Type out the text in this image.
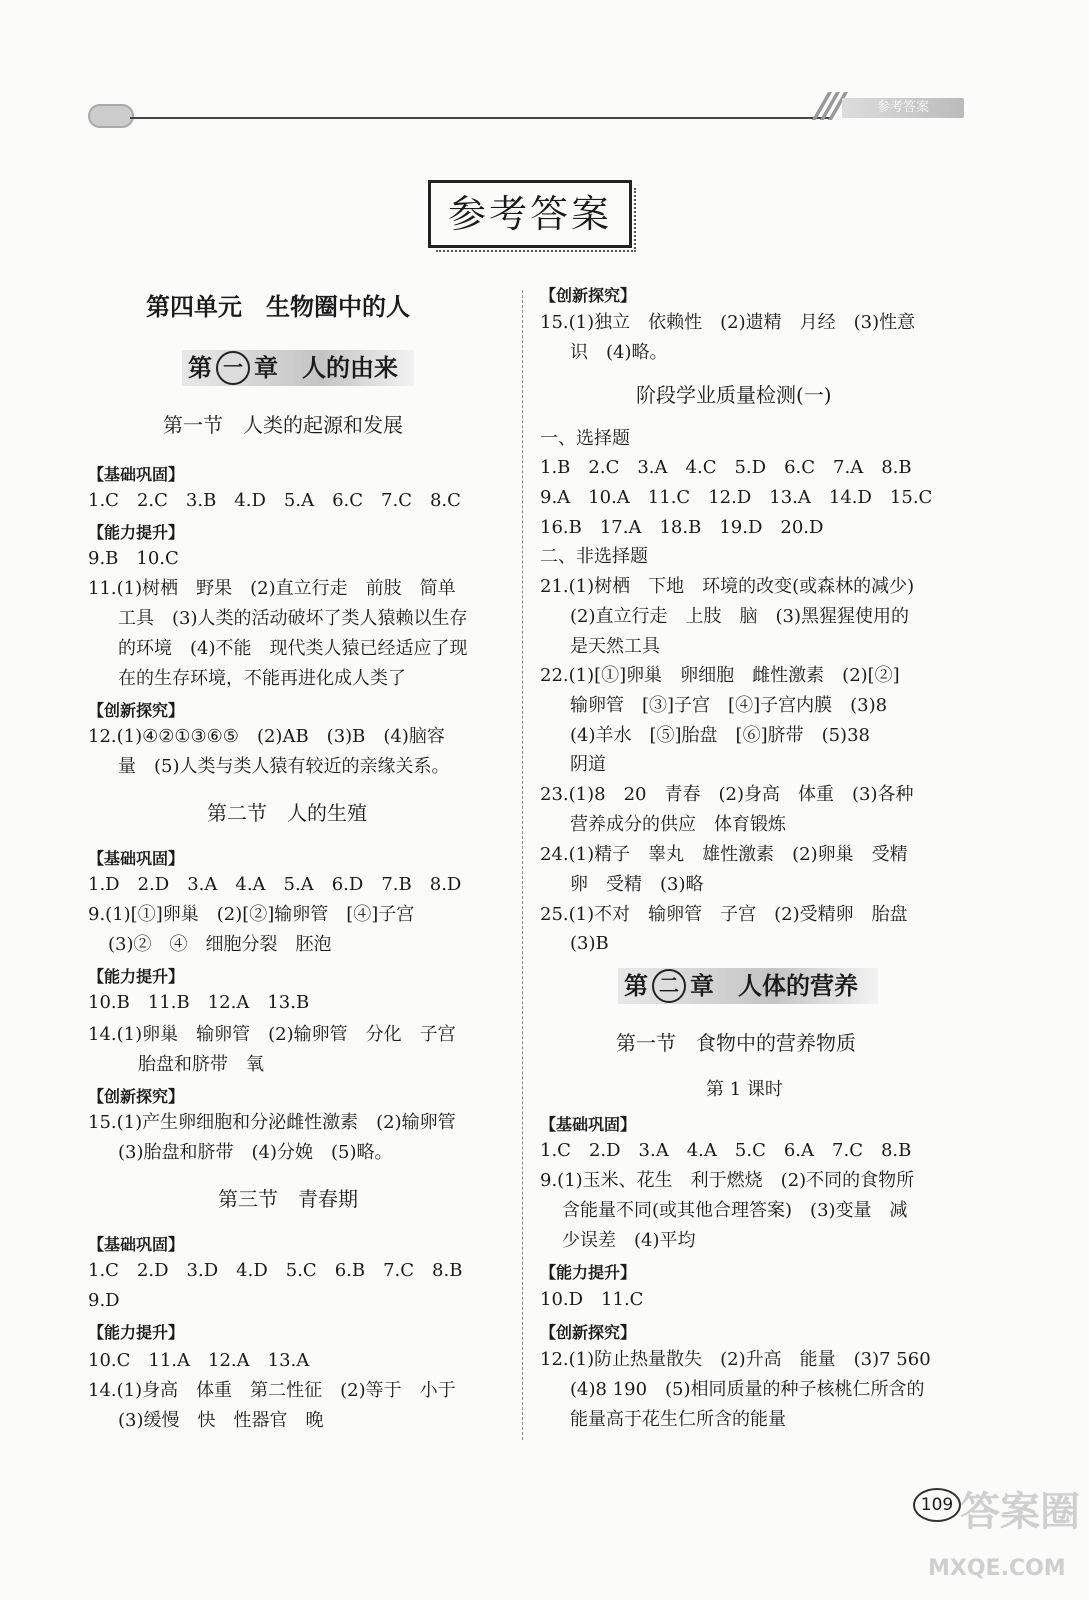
参考答案
参考答案
第四单元　生物圈中的人
第 一 章　人的由来
第一节　人类的起源和发展
【基础巩固】
1.C　2.C　3.B　4.D　5.A　6.C　7.C　8.C
【能力提升】
9.B　10.C
11.(1)树栖　野果　(2)直立行走　前肢　简单
工具　(3)人类的活动破坏了类人猿赖以生存
的环境　(4)不能　现代类人猿已经适应了现
在的生存环境，不能再进化成人类了
【创新探究】
12.(1)④②①③⑥⑤　(2)AB　(3)B　(4)脑容
量　(5)人类与类人猿有较近的亲缘关系。
第二节　人的生殖
【基础巩固】
1.D　2.D　3.A　4.A　5.A　6.D　7.B　8.D
9.(1)[①]卵巢　(2)[②]输卵管　[④]子宫
(3)②　④　细胞分裂　胚泡
【能力提升】
10.B　11.B　12.A　13.B
14.(1)卵巢　输卵管　(2)输卵管　分化　子宫
胎盘和脐带　氧
【创新探究】
15.(1)产生卵细胞和分泌雌性激素　(2)输卵管
(3)胎盘和脐带　(4)分娩　(5)略。
第三节　青春期
【基础巩固】
1.C　2.D　3.D　4.D　5.C　6.B　7.C　8.B
9.D
【能力提升】
10.C　11.A　12.A　13.A
14.(1)身高　体重　第二性征　(2)等于　小于
(3)缓慢　快　性器官　晚
【创新探究】
15.(1)独立　依赖性　(2)遗精　月经　(3)性意
识　(4)略。
阶段学业质量检测(一)
一、选择题
1.B　2.C　3.A　4.C　5.D　6.C　7.A　8.B
9.A　10.A　11.C　12.D　13.A　14.D　15.C
16.B　17.A　18.B　19.D　20.D
二、非选择题
21.(1)树栖　下地　环境的改变(或森林的减少)
(2)直立行走　上肢　脑　(3)黑猩猩使用的
是天然工具
22.(1)[①]卵巢　卵细胞　雌性激素　(2)[②]
输卵管　[③]子宫　[④]子宫内膜　(3)8
(4)羊水　[⑤]胎盘　[⑥]脐带　(5)38
阴道
23.(1)8　20　青春　(2)身高　体重　(3)各种
营养成分的供应　体育锻炼
24.(1)精子　睾丸　雄性激素　(2)卵巢　受精
卵　受精　(3)略
25.(1)不对　输卵管　子宫　(2)受精卵　胎盘
(3)B
第 二 章　人体的营养
第一节　食物中的营养物质
第 1 课时
【基础巩固】
1.C　2.D　3.A　4.A　5.C　6.A　7.C　8.B
9.(1)玉米、花生　利于燃烧　(2)不同的食物所
含能量不同(或其他合理答案)　(3)变量　减
少误差　(4)平均
【能力提升】
10.D　11.C
【创新探究】
12.(1)防止热量散失　(2)升高　能量　(3)7 560
(4)8 190　(5)相同质量的种子核桃仁所含的
能量高于花生仁所含的能量
109 答案圈
MXQE.COM
